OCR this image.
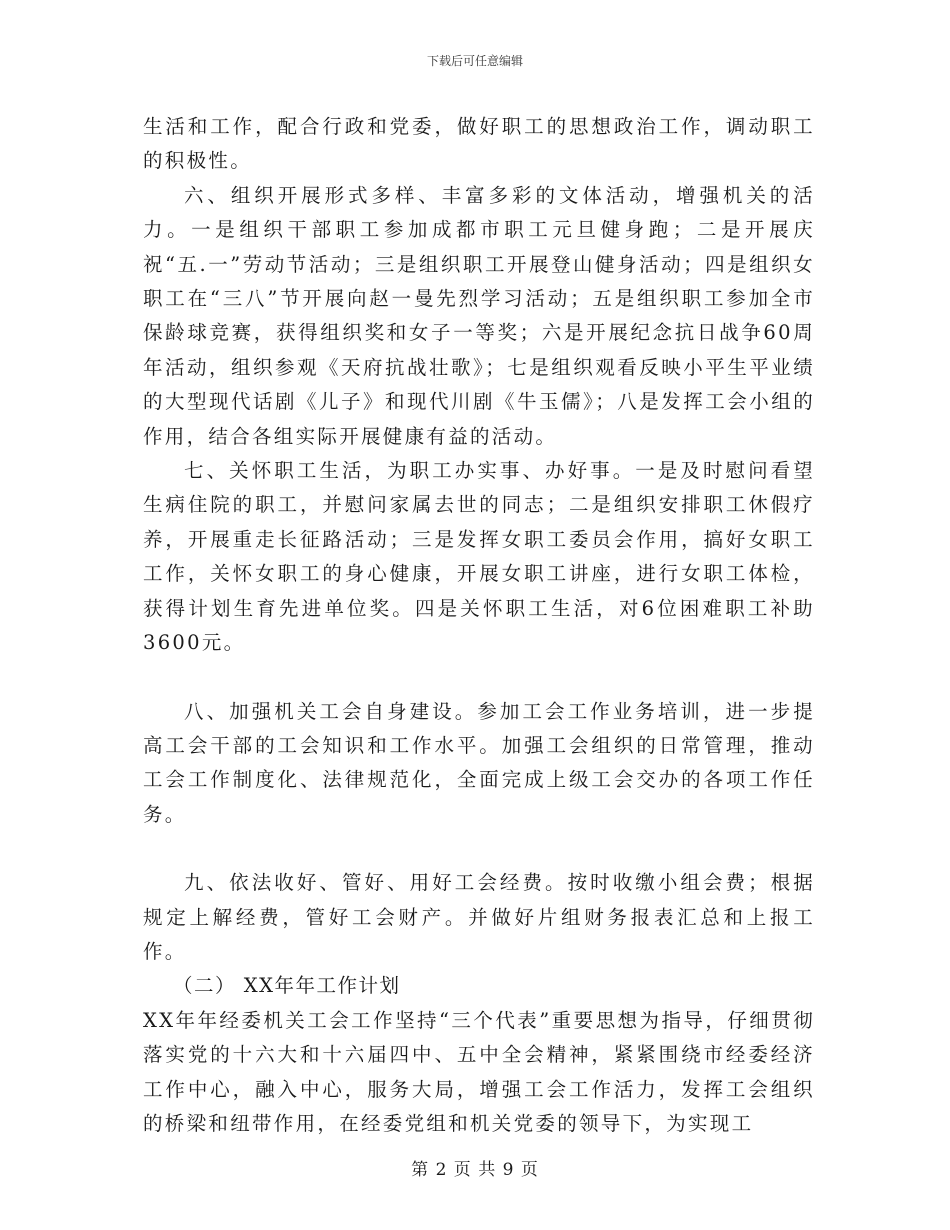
下载后可任意编辑

生活和工作，配合行政和党委，做好职工的思想政治工作，调动职工的积极性。

六、组织开展形式多样、丰富多彩的文体活动，增强机关的活力。一是组织干部职工参加成都市职工元旦健身跑；二是开展庆祝“五.一”劳动节活动；三是组织职工开展登山健身活动；四是组织女职工在“三八”节开展向赵一曼先烈学习活动；五是组织职工参加全市保龄球竞赛，获得组织奖和女子一等奖；六是开展纪念抗日战争60周年活动，组织参观《天府抗战壮歌》；七是组织观看反映小平生平业绩的大型现代话剧《儿子》和现代川剧《牛玉儒》；八是发挥工会小组的作用，结合各组实际开展健康有益的活动。

七、关怀职工生活，为职工办实事、办好事。一是及时慰问看望生病住院的职工，并慰问家属去世的同志；二是组织安排职工休假疗养，开展重走长征路活动；三是发挥女职工委员会作用，搞好女职工工作，关怀女职工的身心健康，开展女职工讲座，进行女职工体检，获得计划生育先进单位奖。四是关怀职工生活，对6位困难职工补助3600元。

八、加强机关工会自身建设。参加工会工作业务培训，进一步提高工会干部的工会知识和工作水平。加强工会组织的日常管理，推动工会工作制度化、法律规范化，全面完成上级工会交办的各项工作任务。

九、依法收好、管好、用好工会经费。按时收缴小组会费；根据规定上解经费，管好工会财产。并做好片组财务报表汇总和上报工作。

（二） XX年年工作计划

XX年年经委机关工会工作坚持“三个代表”重要思想为指导，仔细贯彻落实党的十六大和十六届四中、五中全会精神，紧紧围绕市经委经济工作中心，融入中心，服务大局，增强工会工作活力，发挥工会组织的桥梁和纽带作用，在经委党组和机关党委的领导下，为实现工

第 2 页 共 9 页
